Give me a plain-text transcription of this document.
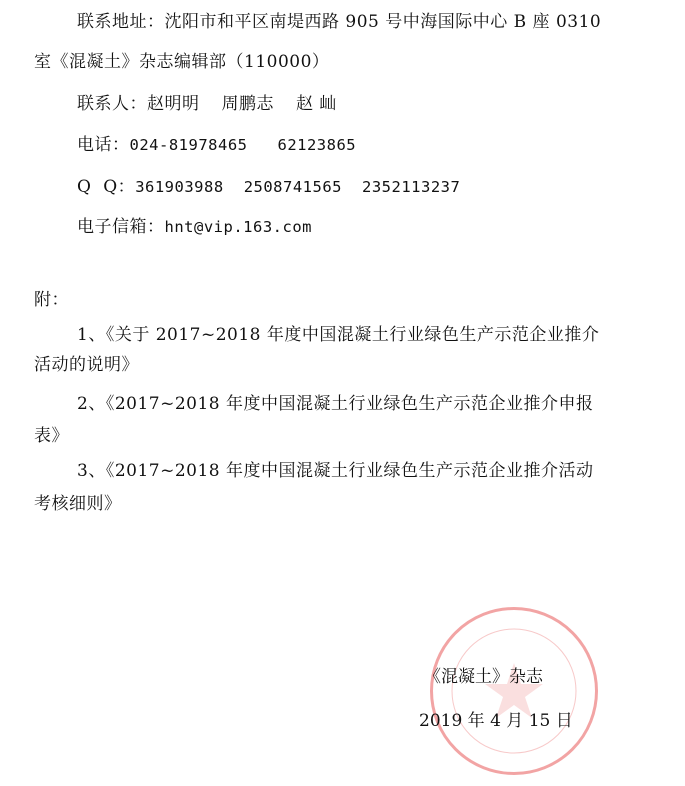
联系地址：沈阳市和平区南堤西路 905 号中海国际中心 B 座 0310
室《混凝土》杂志编辑部（110000）
联系人：赵明明 周鹏志 赵 屾
电话：024-81978465 62123865
Q  Q：361903988 2508741565 2352113237
电子信箱：hnt@vip.163.com
附：
1、《关于 2017~2018 年度中国混凝土行业绿色生产示范企业推介
活动的说明》
2、《2017~2018 年度中国混凝土行业绿色生产示范企业推介申报
表》
3、《2017~2018 年度中国混凝土行业绿色生产示范企业推介活动
考核细则》
《混凝土》杂志
2019 年 4 月 15 日
